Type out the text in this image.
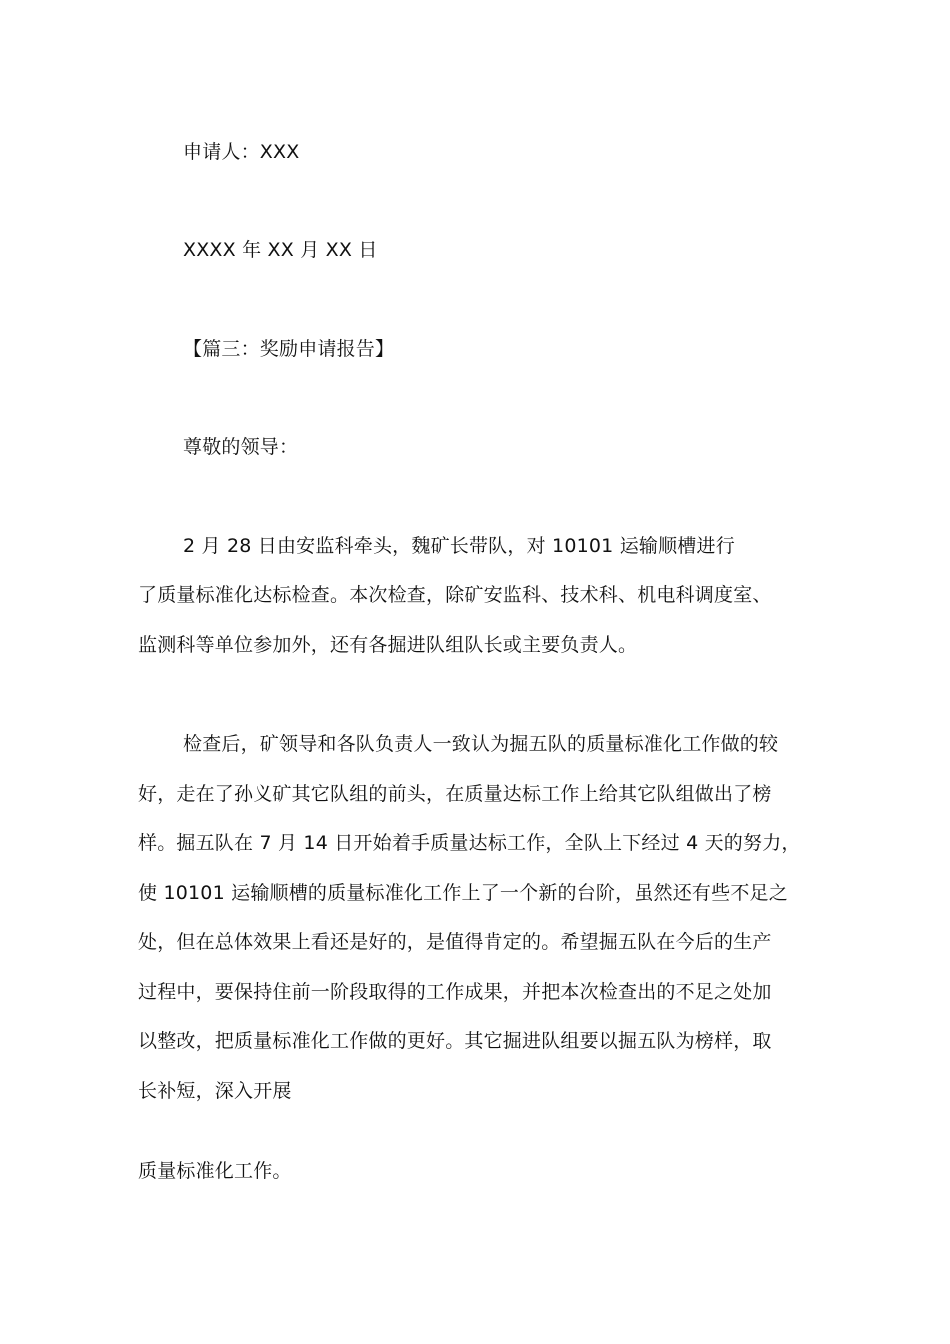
申请人：XXX
XXXX 年 XX 月 XX 日
【篇三：奖励申请报告】
尊敬的领导：
2 月 28 日由安监科牵头，魏矿长带队，对 10101 运输顺槽进行
了质量标准化达标检查。本次检查，除矿安监科、技术科、机电科调度室、
监测科等单位参加外，还有各掘进队组队长或主要负责人。
检查后，矿领导和各队负责人一致认为掘五队的质量标准化工作做的较
好，走在了孙义矿其它队组的前头，在质量达标工作上给其它队组做出了榜
样。掘五队在 7 月 14 日开始着手质量达标工作，全队上下经过 4 天的努力，
使 10101 运输顺槽的质量标准化工作上了一个新的台阶，虽然还有些不足之
处，但在总体效果上看还是好的，是值得肯定的。希望掘五队在今后的生产
过程中，要保持住前一阶段取得的工作成果，并把本次检查出的不足之处加
以整改，把质量标准化工作做的更好。其它掘进队组要以掘五队为榜样，取
长补短，深入开展
质量标准化工作。
